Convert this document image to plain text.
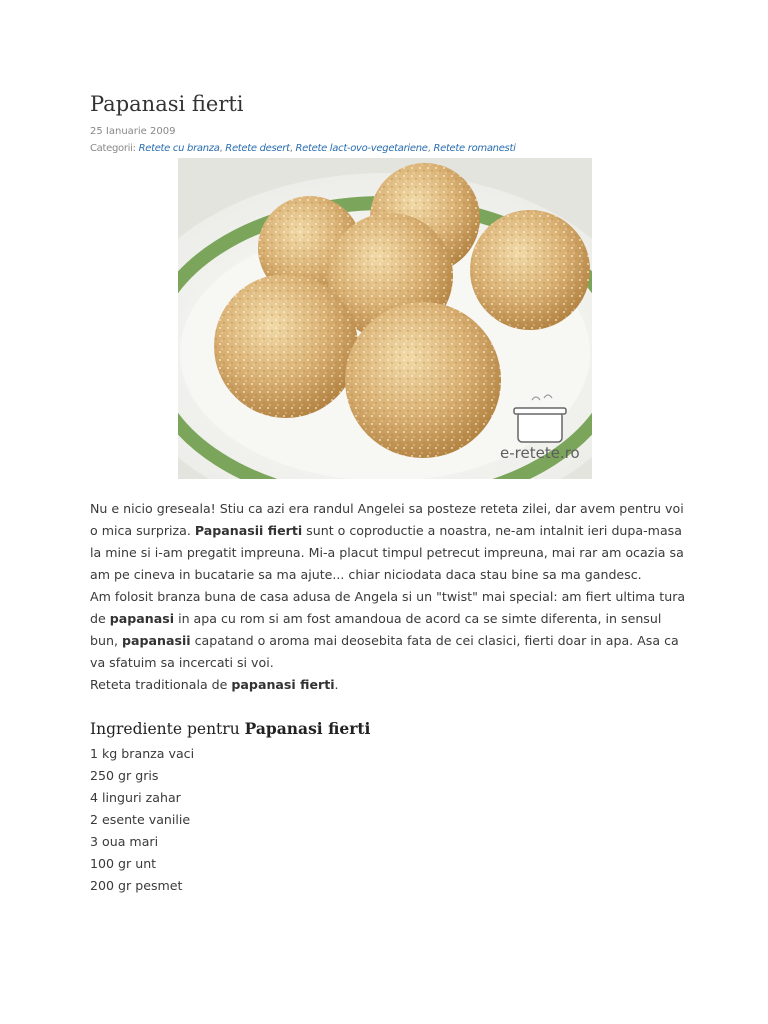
Papanasi fierti
25 Ianuarie 2009
Categorii: Retete cu branza, Retete desert, Retete lact-ovo-vegetariene, Retete romanesti
e-retete.ro

Nu e nicio greseala! Stiu ca azi era randul Angelei sa posteze reteta zilei, dar avem pentru voi o mica surpriza. Papanasii fierti sunt o coproductie a noastra, ne-am intalnit ieri dupa-masa la mine si i-am pregatit impreuna. Mi-a placut timpul petrecut impreuna, mai rar am ocazia sa am pe cineva in bucatarie sa ma ajute... chiar niciodata daca stau bine sa ma gandesc.

Am folosit branza buna de casa adusa de Angela si un "twist" mai special: am fiert ultima tura de papanasi in apa cu rom si am fost amandoua de acord ca se simte diferenta, in sensul bun, papanasii capatand o aroma mai deosebita fata de cei clasici, fierti doar in apa. Asa ca va sfatuim sa incercati si voi.

Reteta traditionala de papanasi fierti.

Ingrediente pentru Papanasi fierti
1 kg branza vaci
250 gr gris
4 linguri zahar
2 esente vanilie
3 oua mari
100 gr unt
200 gr pesmet
